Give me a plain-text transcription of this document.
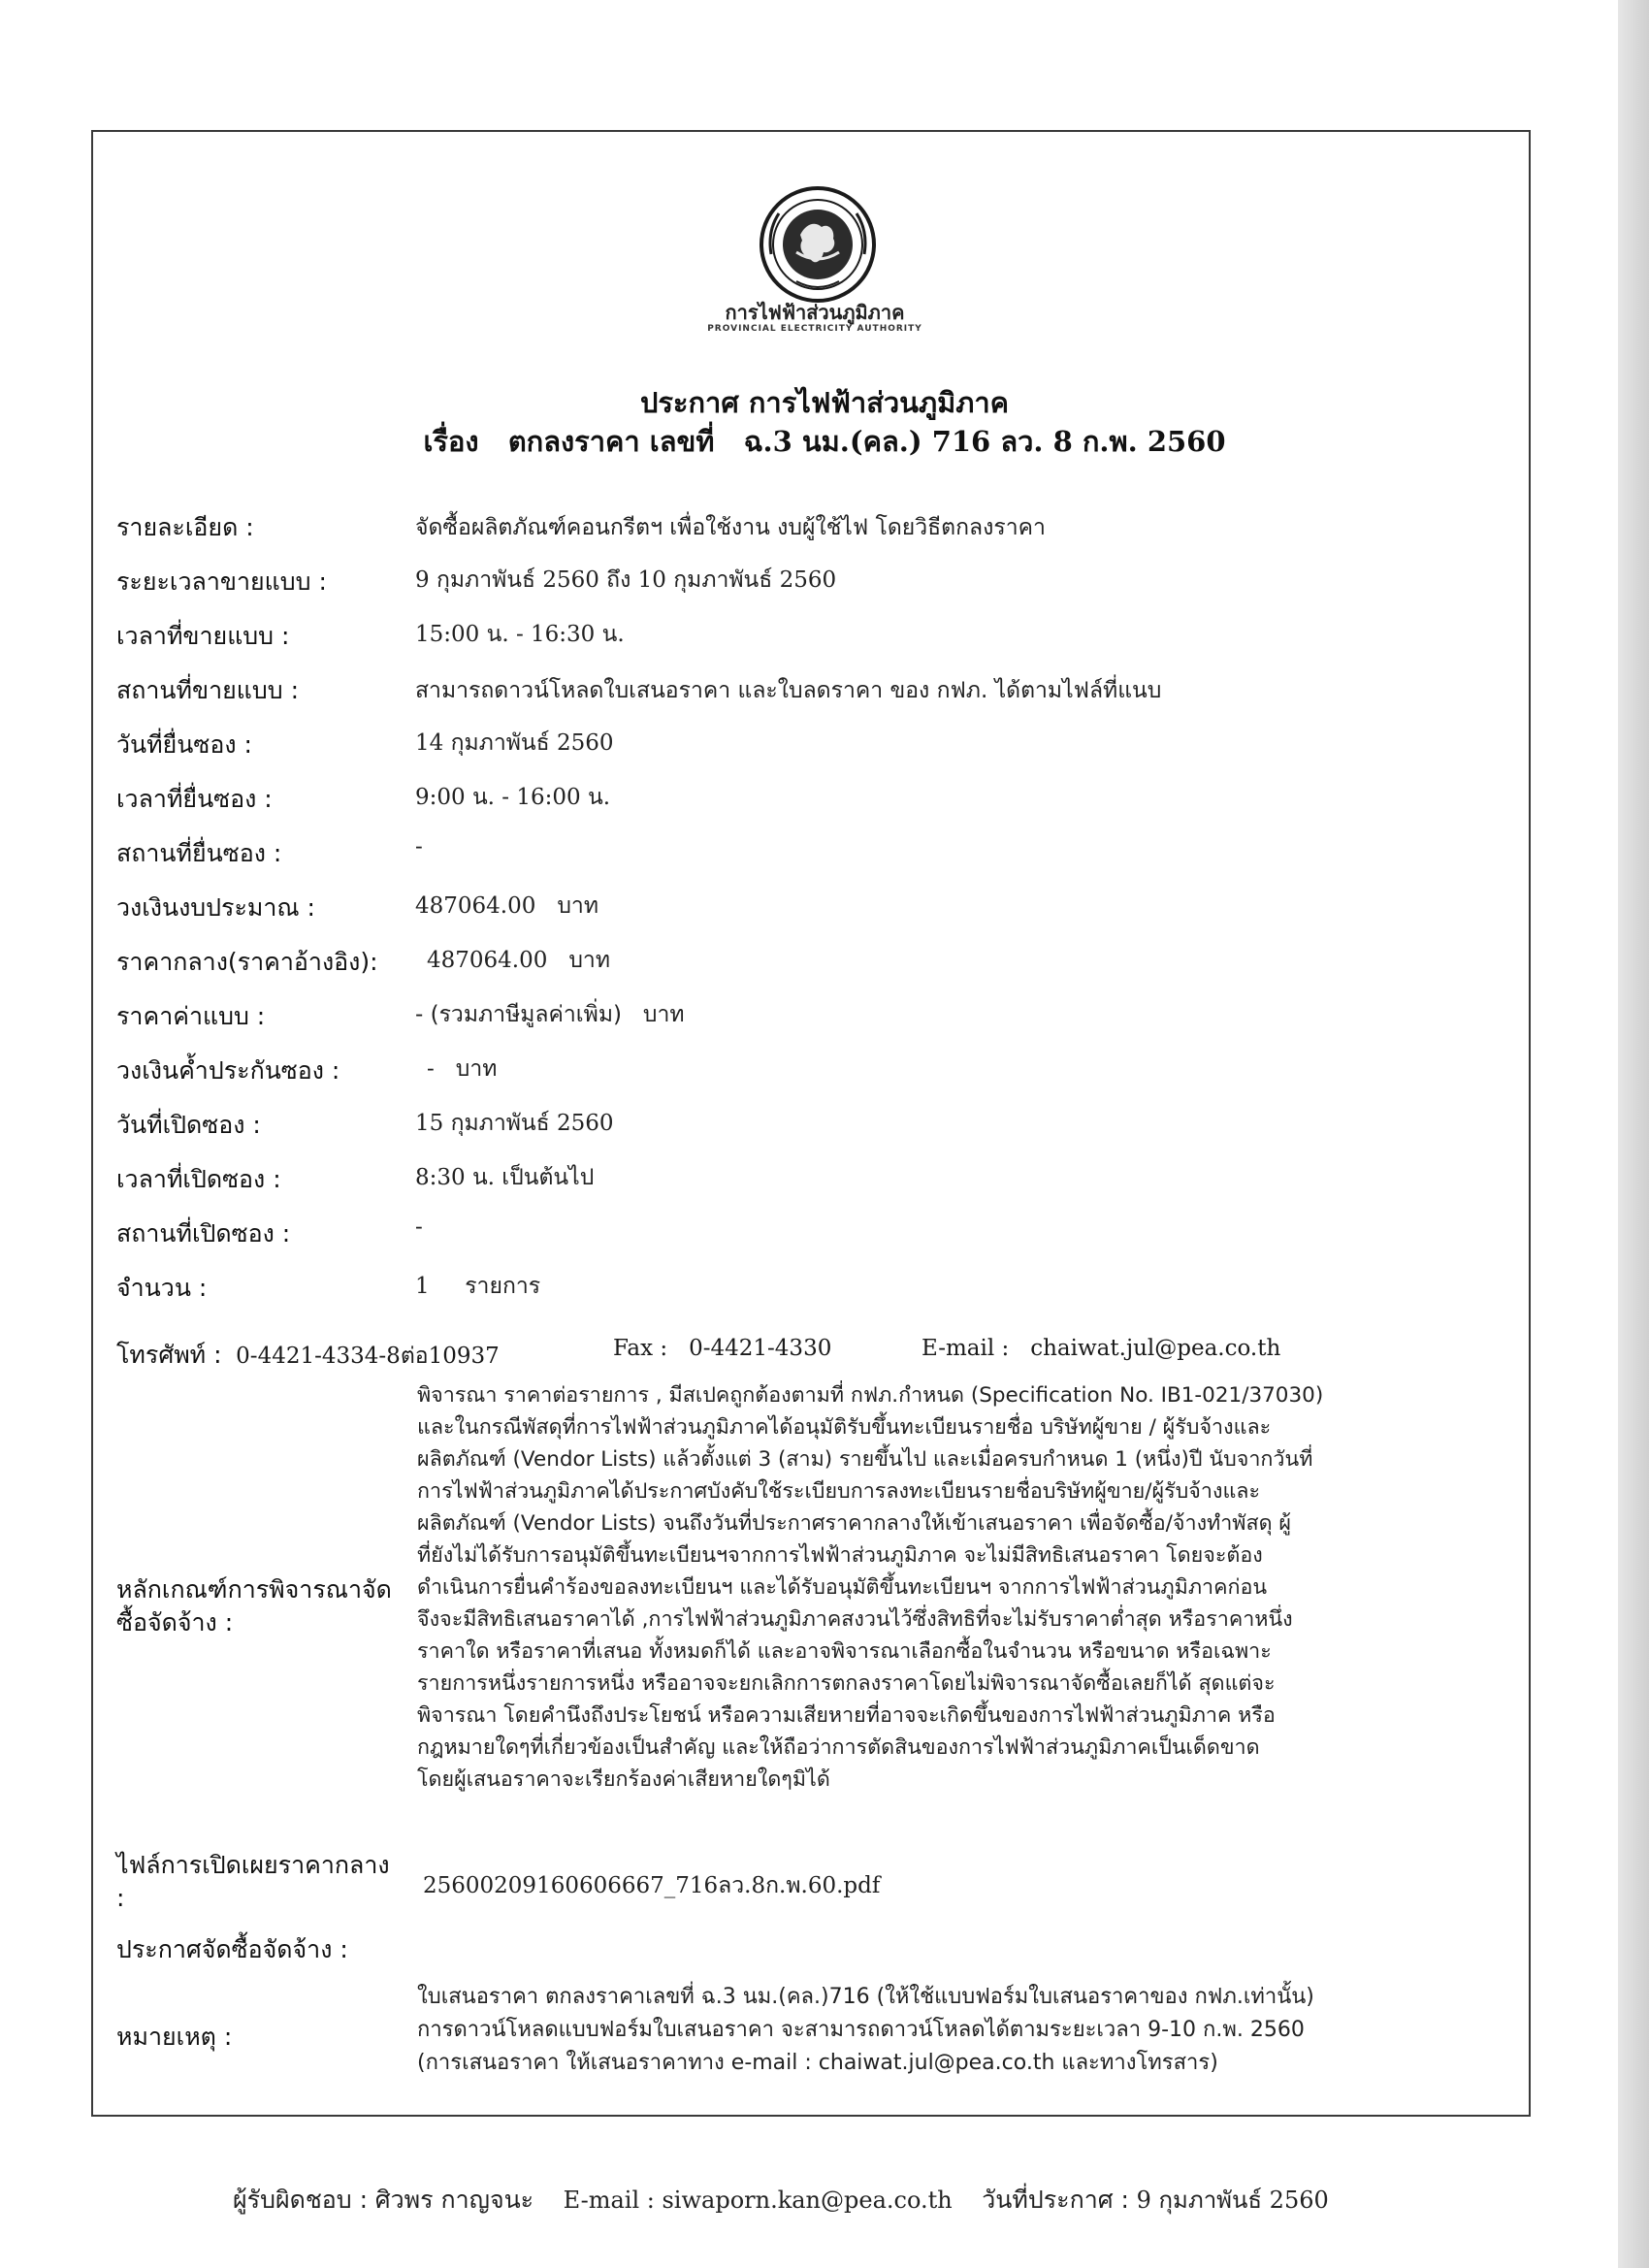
การไฟฟ้าส่วนภูมิภาค
PROVINCIAL ELECTRICITY AUTHORITY
ประกาศ การไฟฟ้าส่วนภูมิภาค
เรื่อง ตกลงราคา เลขที่ ฉ.3 นม.(คล.) 716 ลว. 8 ก.พ. 2560
รายละเอียด :	จัดซื้อผลิตภัณฑ์คอนกรีตฯ เพื่อใช้งาน งบผู้ใช้ไฟ โดยวิธีตกลงราคา
ระยะเวลาขายแบบ :	9 กุมภาพันธ์ 2560 ถึง 10 กุมภาพันธ์ 2560
เวลาที่ขายแบบ :	15:00 น. - 16:30 น.
สถานที่ขายแบบ :	สามารถดาวน์โหลดใบเสนอราคา และใบลดราคา ของ กฟภ. ได้ตามไฟล์ที่แนบ
วันที่ยื่นซอง :	14 กุมภาพันธ์ 2560
เวลาที่ยื่นซอง :	9:00 น. - 16:00 น.
สถานที่ยื่นซอง :	-
วงเงินงบประมาณ :	487064.00 บาท
ราคากลาง(ราคาอ้างอิง):	487064.00 บาท
ราคาค่าแบบ :	- (รวมภาษีมูลค่าเพิ่ม) บาท
วงเงินค้ำประกันซอง :	- บาท
วันที่เปิดซอง :	15 กุมภาพันธ์ 2560
เวลาที่เปิดซอง :	8:30 น. เป็นต้นไป
สถานที่เปิดซอง :	-
จำนวน :	1 รายการ
โทรศัพท์ : 0-4421-4334-8ต่อ10937	Fax : 0-4421-4330	E-mail : chaiwat.jul@pea.co.th
หลักเกณฑ์การพิจารณาจัด
ซื้อจัดจ้าง :
พิจารณา ราคาต่อรายการ , มีสเปคถูกต้องตามที่ กฟภ.กำหนด (Specification No. IB1-021/37030)
และในกรณีพัสดุที่การไฟฟ้าส่วนภูมิภาคได้อนุมัติรับขึ้นทะเบียนรายชื่อ บริษัทผู้ขาย / ผู้รับจ้างและ
ผลิตภัณฑ์ (Vendor Lists) แล้วตั้งแต่ 3 (สาม) รายขึ้นไป และเมื่อครบกำหนด 1 (หนึ่ง)ปี นับจากวันที่
การไฟฟ้าส่วนภูมิภาคได้ประกาศบังคับใช้ระเบียบการลงทะเบียนรายชื่อบริษัทผู้ขาย/ผู้รับจ้างและ
ผลิตภัณฑ์ (Vendor Lists) จนถึงวันที่ประกาศราคากลางให้เข้าเสนอราคา เพื่อจัดซื้อ/จ้างทำพัสดุ ผู้
ที่ยังไม่ได้รับการอนุมัติขึ้นทะเบียนฯจากการไฟฟ้าส่วนภูมิภาค จะไม่มีสิทธิเสนอราคา โดยจะต้อง
ดำเนินการยื่นคำร้องขอลงทะเบียนฯ และได้รับอนุมัติขึ้นทะเบียนฯ จากการไฟฟ้าส่วนภูมิภาคก่อน
จึงจะมีสิทธิเสนอราคาได้ ,การไฟฟ้าส่วนภูมิภาคสงวนไว้ซึ่งสิทธิที่จะไม่รับราคาต่ำสุด หรือราคาหนึ่ง
ราคาใด หรือราคาที่เสนอ ทั้งหมดก็ได้ และอาจพิจารณาเลือกซื้อในจำนวน หรือขนาด หรือเฉพาะ
รายการหนึ่งรายการหนึ่ง หรืออาจจะยกเลิกการตกลงราคาโดยไม่พิจารณาจัดซื้อเลยก็ได้ สุดแต่จะ
พิจารณา โดยคำนึงถึงประโยชน์ หรือความเสียหายที่อาจจะเกิดขึ้นของการไฟฟ้าส่วนภูมิภาค หรือ
กฎหมายใดๆที่เกี่ยวข้องเป็นสำคัญ และให้ถือว่าการตัดสินของการไฟฟ้าส่วนภูมิภาคเป็นเด็ดขาด
โดยผู้เสนอราคาจะเรียกร้องค่าเสียหายใดๆมิได้
ไฟล์การเปิดเผยราคากลาง
:	25600209160606667_716ลว.8ก.พ.60.pdf
ประกาศจัดซื้อจัดจ้าง :
หมายเหตุ :
ใบเสนอราคา ตกลงราคาเลขที่ ฉ.3 นม.(คล.)716 (ให้ใช้แบบฟอร์มใบเสนอราคาของ กฟภ.เท่านั้น)
การดาวน์โหลดแบบฟอร์มใบเสนอราคา จะสามารถดาวน์โหลดได้ตามระยะเวลา 9-10 ก.พ. 2560
(การเสนอราคา ให้เสนอราคาทาง e-mail : chaiwat.jul@pea.co.th และทางโทรสาร)
ผู้รับผิดชอบ : ศิวพร กาญจนะ E-mail : siwaporn.kan@pea.co.th วันที่ประกาศ : 9 กุมภาพันธ์ 2560
